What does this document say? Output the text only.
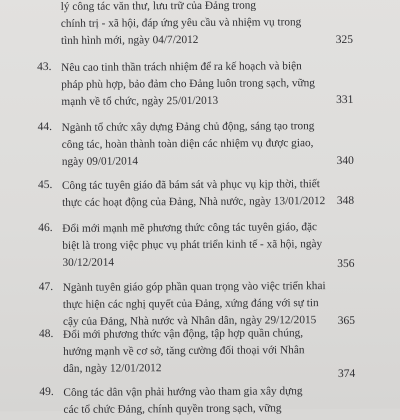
lý công tác văn thư, lưu trữ của Đảng trong
chính trị - xã hội, đáp ứng yêu cầu và nhiệm vụ trong
tình hình mới, ngày 04/7/2012	325
43. Nêu cao tinh thần trách nhiệm để ra kế hoạch và biện
pháp phù hợp, bảo đảm cho Đảng luôn trong sạch, vững
mạnh về tổ chức, ngày 25/01/2013	331
44. Ngành tổ chức xây dựng Đảng chủ động, sáng tạo trong
công tác, hoàn thành toàn diện các nhiệm vụ được giao,
ngày 09/01/2014	340
45. Công tác tuyên giáo đã bám sát và phục vụ kịp thời, thiết
thực các hoạt động của Đảng, Nhà nước, ngày 13/01/2012 348
46. Đổi mới mạnh mẽ phương thức công tác tuyên giáo, đặc
biệt là trong việc phục vụ phát triển kinh tế - xã hội, ngày
30/12/2014	356
47. Ngành tuyên giáo góp phần quan trọng vào việc triển khai
thực hiện các nghị quyết của Đảng, xứng đáng với sự tin
cậy của Đảng, Nhà nước và Nhân dân, ngày 29/12/2015	365
48. Đổi mới phương thức vận động, tập hợp quần chúng,
hướng mạnh về cơ sở, tăng cường đối thoại với Nhân
dân, ngày 12/01/2012	374
49. Công tác dân vận phải hướng vào tham gia xây dựng
các tổ chức Đảng, chính quyền trong sạch, vững
